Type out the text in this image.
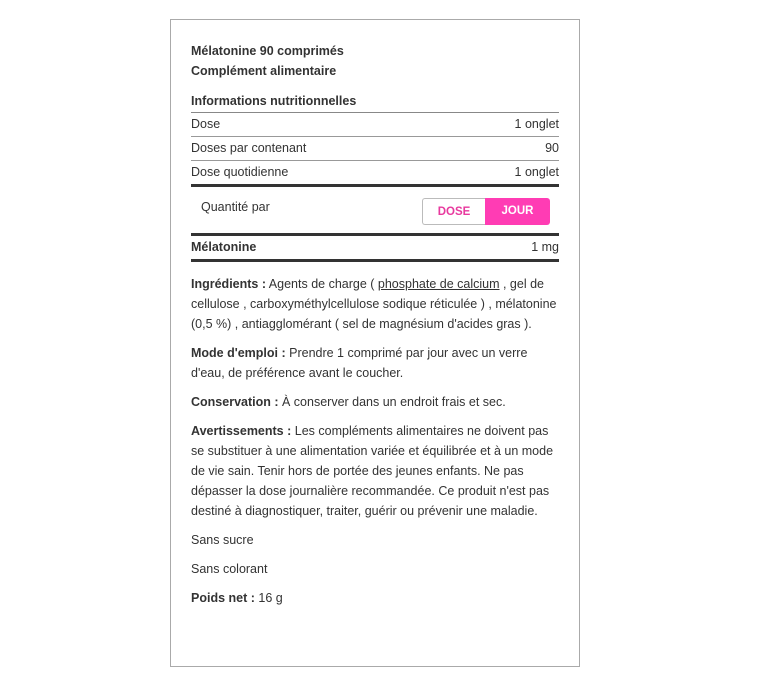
Mélatonine 90 comprimés
Complément alimentaire
Informations nutritionnelles
Dose	1 onglet
Doses par contenant	90
Dose quotidienne	1 onglet
Quantité par	DOSE	JOUR
Mélatonine	1 mg

Ingrédients : Agents de charge ( phosphate de calcium , gel de cellulose , carboxyméthylcellulose sodique réticulée ) , mélatonine (0,5 %) , antiagglomérant ( sel de magnésium d'acides gras ).

Mode d'emploi : Prendre 1 comprimé par jour avec un verre d'eau, de préférence avant le coucher.

Conservation : À conserver dans un endroit frais et sec.

Avertissements : Les compléments alimentaires ne doivent pas se substituer à une alimentation variée et équilibrée et à un mode de vie sain. Tenir hors de portée des jeunes enfants. Ne pas dépasser la dose journalière recommandée. Ce produit n'est pas destiné à diagnostiquer, traiter, guérir ou prévenir une maladie.

Sans sucre

Sans colorant

Poids net : 16 g
